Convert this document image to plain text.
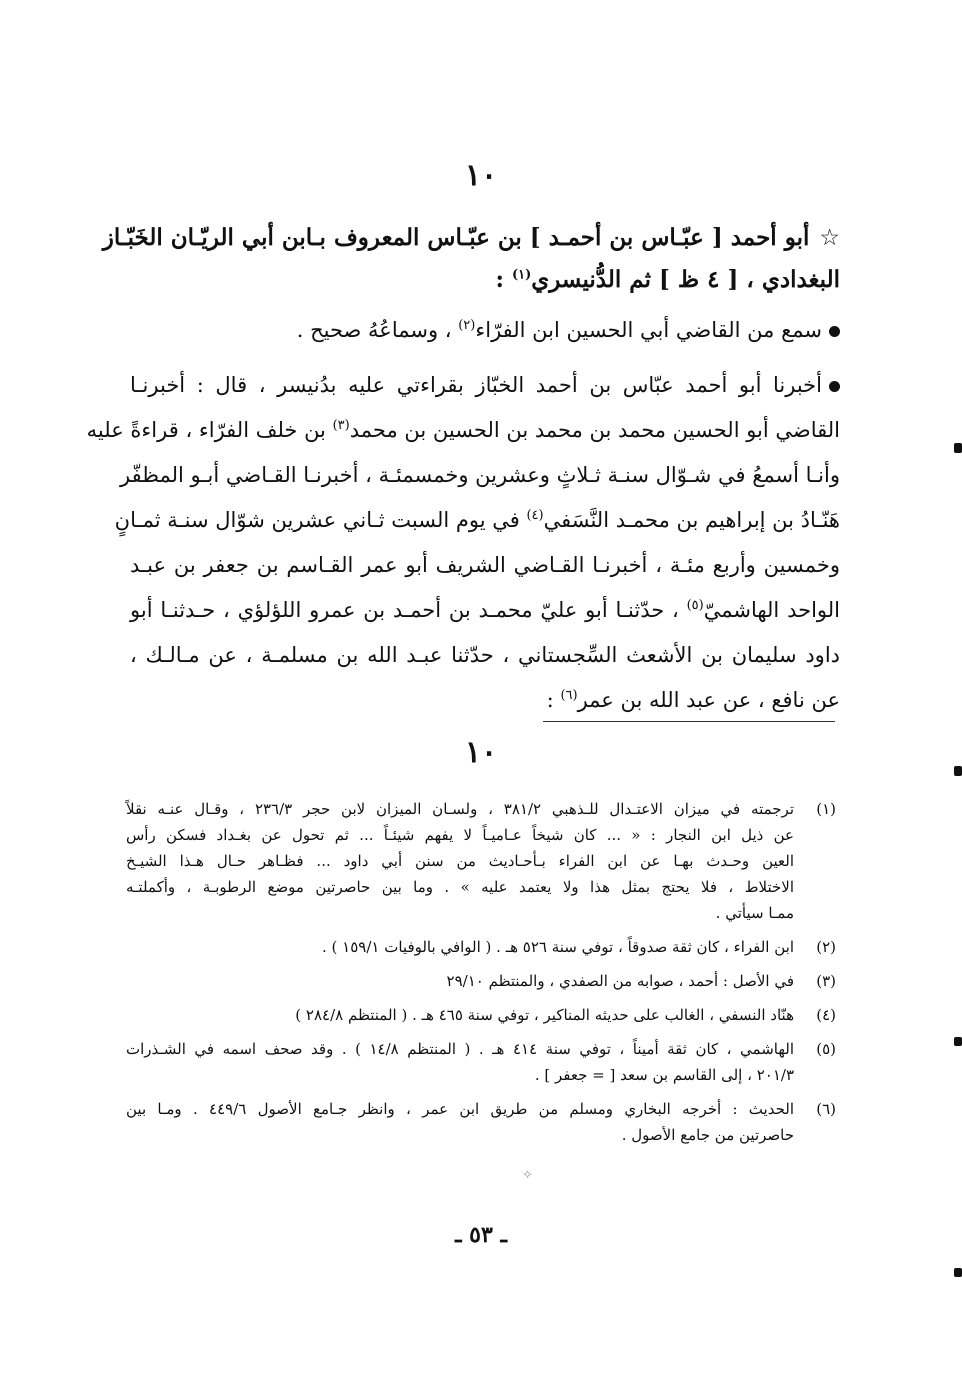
١٠
☆أبو أحمد [ عبّـاس بن أحمـد ] بن عبّـاس المعروف بـابن أبي الريّـان الخَبّـاز
البغدادي ، [ ٤ ظ ] ثم الدُّنيسري$^{(١)}$ :
سمع من القاضي أبي الحسين ابن الفرّاء$^{(٢)}$ ، وسماعُهُ صحيح .
أخبرنا أبو أحمد عبّاس بن أحمد الخبّاز بقراءتي عليه بدُنيسر ، قال : أخبرنـا
القاضي أبو الحسين محمد بن محمد بن الحسين بن محمد$^{(٣)}$ بن خلف الفرّاء ، قراءةً عليه
وأنـا أسمعُ في شـوّال سنـة ثـلاثٍ وعشرين وخمسمئـة ، أخبرنـا القـاضي أبـو المظفّر
هَنّـادُ بن إبراهيم بن محمـد النَّسَفي$^{(٤)}$ في يوم السبت ثـاني عشرين شوّال سنـة ثمـانٍ
وخمسين وأربع مئـة ، أخبرنـا القـاضي الشريف أبو عمر القـاسم بن جعفر بن عبـد
الواحد الهاشميّ$^{(٥)}$ ، حدّثنـا أبو عليّ محمـد بن أحمـد بن عمرو اللؤلؤي ، حـدثنـا أبو
داود سليمان بن الأشعث السِّجستاني ، حدّثنا عبـد الله بن مسلمـة ، عن مـالـك ،
عن نافع ، عن عبد الله بن عمر$^{(٦)}$ :
١٠
(١)
ترجمته في ميزان الاعتـدال للـذهبي ٣٨١/٢ ، ولسـان الميزان لابن حجر ٢٣٦/٣ ، وقـال عنـه نقلاً
عن ذيل ابن النجار : « ... كان شيخاً عـاميـاً لا يفهم شيئـاً ... ثم تحول عن بغـداد فسكن رأس
العين وحـدث بهـا عن ابن الفراء بـأحـاديث من سنن أبي داود ... فظـاهر حـال هـذا الشيـخ
الاختلاط ، فلا يحتج بمثل هذا ولا يعتمد عليه » . وما بين حاصرتين موضع الرطوبـة ، وأكملتـه
ممـا سيأتي .
(٢)
ابن الفراء ، كان ثقة صدوقاً ، توفي سنة ٥٢٦ هـ . ( الوافي بالوفيات ١٥٩/١ ) .
(٣)
في الأصل : أحمد ، صوابه من الصفدي ، والمنتظم ٢٩/١٠
(٤)
هنّاد النسفي ، الغالب على حديثه المناكير ، توفي سنة ٤٦٥ هـ . ( المنتظم ٢٨٤/٨ )
(٥)
الهاشمي ، كان ثقة أميناً ، توفي سنة ٤١٤ هـ . ( المنتظم ١٤/٨ ) . وقد صحف اسمه في الشـذرات
٢٠١/٣ ، إلى القاسم بن سعد [ = جعفر ] .
(٦)
الحديث : أخرجه البخاري ومسلم من طريق ابن عمر ، وانظر جـامع الأصول ٤٤٩/٦ . ومـا بين
حاصرتين من جامع الأصول .
ـ ٥٣ ـ
✧
